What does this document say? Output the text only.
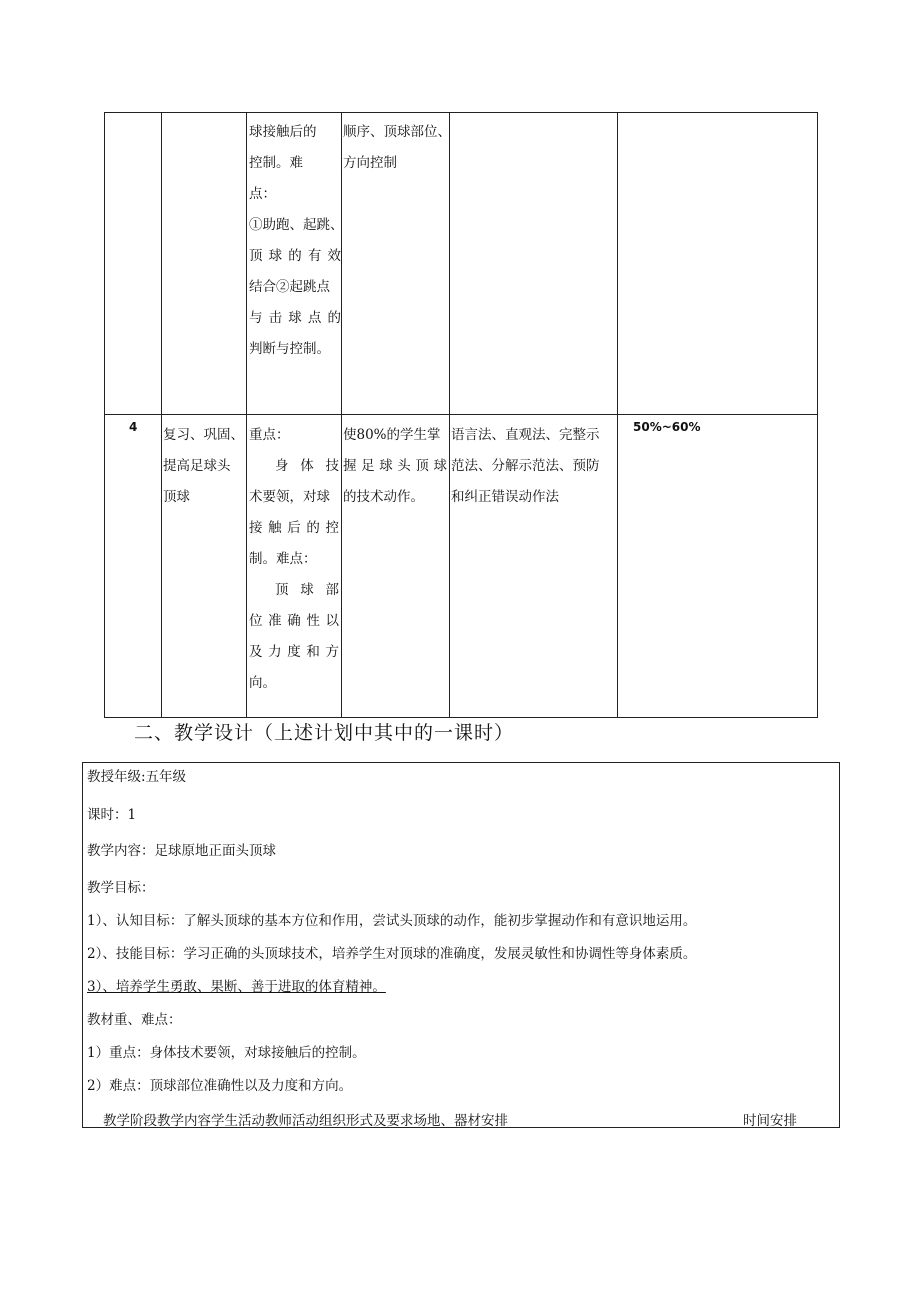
球接触后的
控制。难
点：
①助跑、起跳、
顶球的有效
结合②起跳点
与击球点的
判断与控制。
顺序、顶球部位、
方向控制
4 复习、巩固、
提高足球头
顶球
重点：
身体技
术要领，对球
接触后的控
制。难点：
顶球部
位准确性以
及力度和方
向。
使80%的学生掌
握足球头顶球
的技术动作。
语言法、直观法、完整示
范法、分解示范法、预防
和纠正错误动作法
50%~60%
二、教学设计（上述计划中其中的一课时）
教授年级:五年级
课时：1
教学内容：足球原地正面头顶球
教学目标：
1）、认知目标：了解头顶球的基本方位和作用，尝试头顶球的动作，能初步掌握动作和有意识地运用。
2）、技能目标：学习正确的头顶球技术，培养学生对顶球的准确度，发展灵敏性和协调性等身体素质。
3）、培养学生勇敢、果断、善于进取的体育精神。
教材重、难点：
1）重点：身体技术要领，对球接触后的控制。
2）难点：顶球部位准确性以及力度和方向。
教学阶段教学内容学生活动教师活动组织形式及要求场地、器材安排	时间安排
